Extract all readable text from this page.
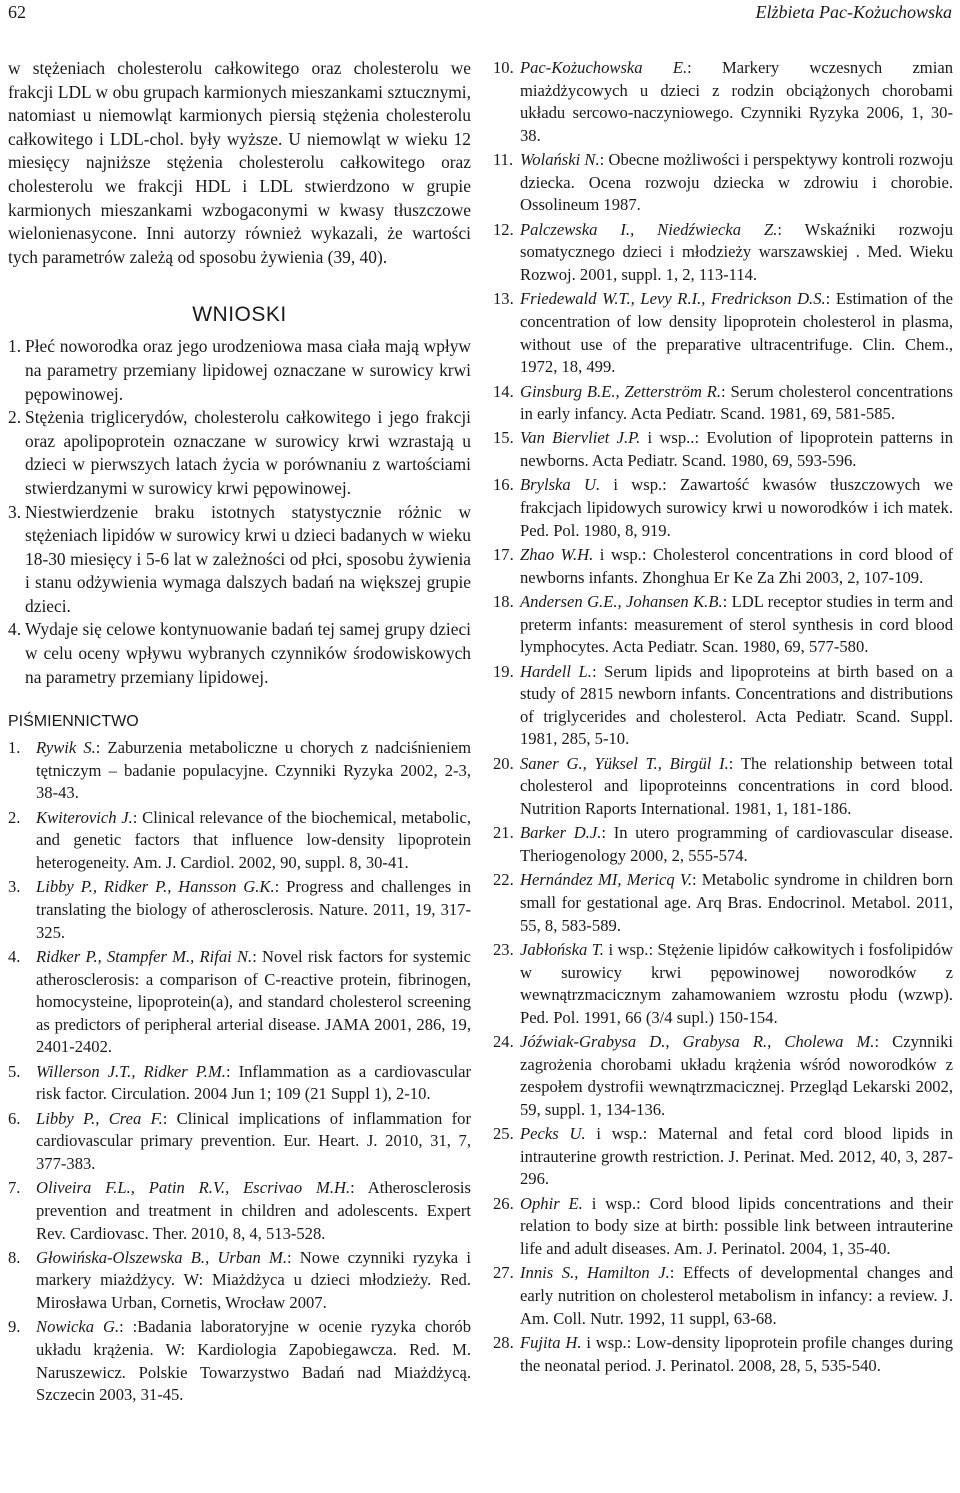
62	Elżbieta Pac-Kożuchowska

w stężeniach cholesterolu całkowitego oraz cholesterolu we frakcji LDL w obu grupach karmionych mieszankami sztucznymi, natomiast u niemowląt karmionych piersią stężenia cholesterolu całkowitego i LDL-chol. były wyższe. U niemowląt w wieku 12 miesięcy najniższe stężenia cholesterolu całkowitego oraz cholesterolu we frakcji HDL i LDL stwierdzono w grupie karmionych mieszankami wzbogaconymi w kwasy tłuszczowe wielonienasycone. Inni autorzy również wykazali, że wartości tych parametrów zależą od sposobu żywienia (39, 40).

WNIOSKI
1. Płeć noworodka oraz jego urodzeniowa masa ciała mają wpływ na parametry przemiany lipidowej oznaczane w surowicy krwi pępowinowej.
2. Stężenia triglicerydów, cholesterolu całkowitego i jego frakcji oraz apolipoprotein oznaczane w surowicy krwi wzrastają u dzieci w pierwszych latach życia w porównaniu z wartościami stwierdzanymi w surowicy krwi pępowinowej.
3. Niestwierdzenie braku istotnych statystycznie różnic w stężeniach lipidów w surowicy krwi u dzieci badanych w wieku 18-30 miesięcy i 5-6 lat w zależności od płci, sposobu żywienia i stanu odżywienia wymaga dalszych badań na większej grupie dzieci.
4. Wydaje się celowe kontynuowanie badań tej samej grupy dzieci w celu oceny wpływu wybranych czynników środowiskowych na parametry przemiany lipidowej.
PIŚMIENNICTWO
1. Rywik S.: Zaburzenia metaboliczne u chorych z nadciśnieniem tętniczym – badanie populacyjne. Czynniki Ryzyka 2002, 2-3, 38-43.
2. Kwiterovich J.: Clinical relevance of the biochemical, metabolic, and genetic factors that influence low-density lipoprotein heterogeneity. Am. J. Cardiol. 2002, 90, suppl. 8, 30-41.
3. Libby P., Ridker P., Hansson G.K.: Progress and challenges in translating the biology of atherosclerosis. Nature. 2011, 19, 317-325.
4. Ridker P., Stampfer M., Rifai N.: Novel risk factors for systemic atherosclerosis: a comparison of C-reactive protein, fibrinogen, homocysteine, lipoprotein(a), and standard cholesterol screening as predictors of peripheral arterial disease. JAMA 2001, 286, 19, 2401-2402.
5. Willerson J.T., Ridker P.M.: Inflammation as a cardiovascular risk factor. Circulation. 2004 Jun 1; 109 (21 Suppl 1), 2-10.
6. Libby P., Crea F.: Clinical implications of inflammation for cardiovascular primary prevention. Eur. Heart. J. 2010, 31, 7, 377-383.
7. Oliveira F.L., Patin R.V., Escrivao M.H.: Atherosclerosis prevention and treatment in children and adolescents. Expert Rev. Cardiovasc. Ther. 2010, 8, 4, 513-528.
8. Głowińska-Olszewska B., Urban M.: Nowe czynniki ryzyka i markery miażdżycy. W: Miażdżyca u dzieci młodzieży. Red. Mirosława Urban, Cornetis, Wrocław 2007.
9. Nowicka G.: :Badania laboratoryjne w ocenie ryzyka chorób układu krążenia. W: Kardiologia Zapobiegawcza. Red. M. Naruszewicz. Polskie Towarzystwo Badań nad Miażdżycą. Szczecin 2003, 31-45.
10. Pac-Kożuchowska E.: Markery wczesnych zmian miażdżycowych u dzieci z rodzin obciążonych chorobami układu sercowo-naczyniowego. Czynniki Ryzyka 2006, 1, 30-38.
11. Wolański N.: Obecne możliwości i perspektywy kontroli rozwoju dziecka. Ocena rozwoju dziecka w zdrowiu i chorobie. Ossolineum 1987.
12. Palczewska I., Niedźwiecka Z.: Wskaźniki rozwoju somatycznego dzieci i młodzieży warszawskiej . Med. Wieku Rozwoj. 2001, suppl. 1, 2, 113-114.
13. Friedewald W.T., Levy R.I., Fredrickson D.S.: Estimation of the concentration of low density lipoprotein cholesterol in plasma, without use of the preparative ultracentrifuge. Clin. Chem., 1972, 18, 499.
14. Ginsburg B.E., Zetterström R.: Serum cholesterol concentrations in early infancy. Acta Pediatr. Scand. 1981, 69, 581-585.
15. Van Biervliet J.P. i wsp..: Evolution of lipoprotein patterns in newborns. Acta Pediatr. Scand. 1980, 69, 593-596.
16. Brylska U. i wsp.: Zawartość kwasów tłuszczowych we frakcjach lipidowych surowicy krwi u noworodków i ich matek. Ped. Pol. 1980, 8, 919.
17. Zhao W.H. i wsp.: Cholesterol concentrations in cord blood of newborns infants. Zhonghua Er Ke Za Zhi 2003, 2, 107-109.
18. Andersen G.E., Johansen K.B.: LDL receptor studies in term and preterm infants: measurement of sterol synthesis in cord blood lymphocytes. Acta Pediatr. Scan. 1980, 69, 577-580.
19. Hardell L.: Serum lipids and lipoproteins at birth based on a study of 2815 newborn infants. Concentrations and distributions of triglycerides and cholesterol. Acta Pediatr. Scand. Suppl. 1981, 285, 5-10.
20. Saner G., Yüksel T., Birgül I.: The relationship between total cholesterol and lipoproteinns concentrations in cord blood. Nutrition Raports International. 1981, 1, 181-186.
21. Barker D.J.: In utero programming of cardiovascular disease. Theriogenology 2000, 2, 555-574.
22. Hernández MI, Mericq V.: Metabolic syndrome in children born small for gestational age. Arq Bras. Endocrinol. Metabol. 2011, 55, 8, 583-589.
23. Jabłońska T. i wsp.: Stężenie lipidów całkowitych i fosfolipidów w surowicy krwi pępowinowej noworodków z wewnątrzmacicznym zahamowaniem wzrostu płodu (wzwp). Ped. Pol. 1991, 66 (3/4 supl.) 150-154.
24. Jóźwiak-Grabysa D., Grabysa R., Cholewa M.: Czynniki zagrożenia chorobami układu krążenia wśród noworodków z zespołem dystrofii wewnątrzmacicznej. Przegląd Lekarski 2002, 59, suppl. 1, 134-136.
25. Pecks U. i wsp.: Maternal and fetal cord blood lipids in intrauterine growth restriction. J. Perinat. Med. 2012, 40, 3, 287-296.
26. Ophir E. i wsp.: Cord blood lipids concentrations and their relation to body size at birth: possible link between intrauterine life and adult diseases. Am. J. Perinatol. 2004, 1, 35-40.
27. Innis S., Hamilton J.: Effects of developmental changes and early nutrition on cholesterol metabolism in infancy: a review. J. Am. Coll. Nutr. 1992, 11 suppl, 63-68.
28. Fujita H. i wsp.: Low-density lipoprotein profile changes during the neonatal period. J. Perinatol. 2008, 28, 5, 535-540.
